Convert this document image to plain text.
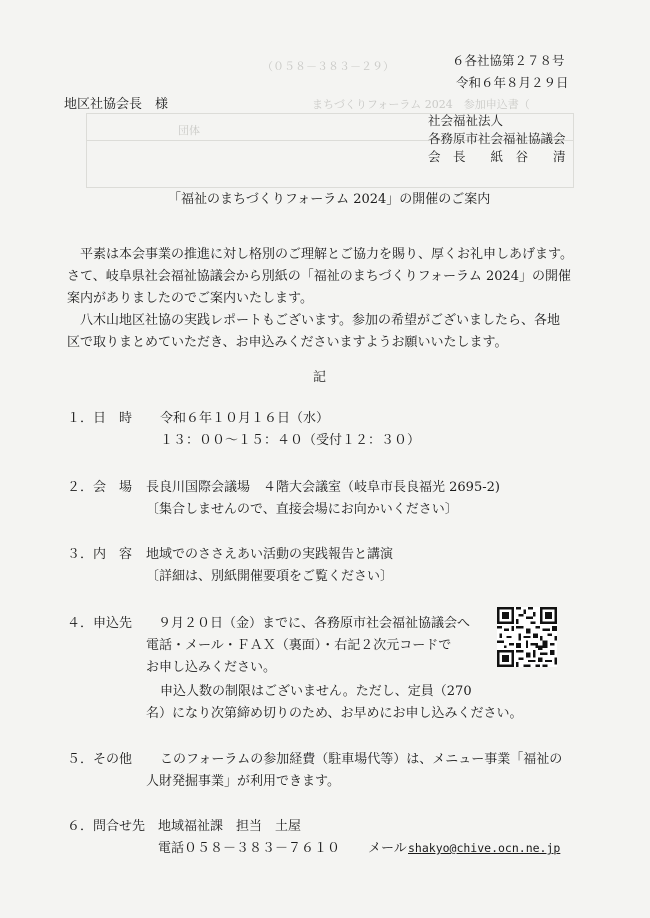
（０５８－３８３－２９）
まちづくりフォーラム 2024　参加申込書（
団体
６各社協第２７８号
令和６年８月２９日
地区社協会長　様
社会福祉法人
各務原市社会福祉協議会
会　長　　紙　谷　　清
「福祉のまちづくりフォーラム 2024」の開催のご案内
平素は本会事業の推進に対し格別のご理解とご協力を賜り、厚くお礼申しあげます。
さて、岐阜県社会福祉協議会から別紙の「福祉のまちづくりフォーラム 2024」の開催
案内がありましたのでご案内いたします。
八木山地区社協の実践レポートもございます。参加の希望がございましたら、各地
区で取りまとめていただき、お申込みくださいますようお願いいたします。
記
１．日　時 令和６年１０月１６日（水）
１３：００～１５：４０（受付１２：３０）
２．会　場 長良川国際会議場　４階大会議室（岐阜市長良福光 2695-2)
〔集合しませんので、直接会場にお向かいください〕
３．内　容 地域でのささえあい活動の実践報告と講演
〔詳細は、別紙開催要項をご覧ください〕
４．申込先 ９月２０日（金）までに、各務原市社会福祉協議会へ
電話・メール・ＦＡＸ（裏面）・右記２次元コードで
お申し込みください。
申込人数の制限はございません。ただし、定員（270
名）になり次第締め切りのため、お早めにお申し込みください。
５．その他 このフォーラムの参加経費（駐車場代等）は、メニュー事業「福祉の
人財発掘事業」が利用できます。
６．問合せ先 地域福祉課　担当　土屋
電話０５８－３８３－７６１０ メール shakyo@chive.ocn.ne.jp
